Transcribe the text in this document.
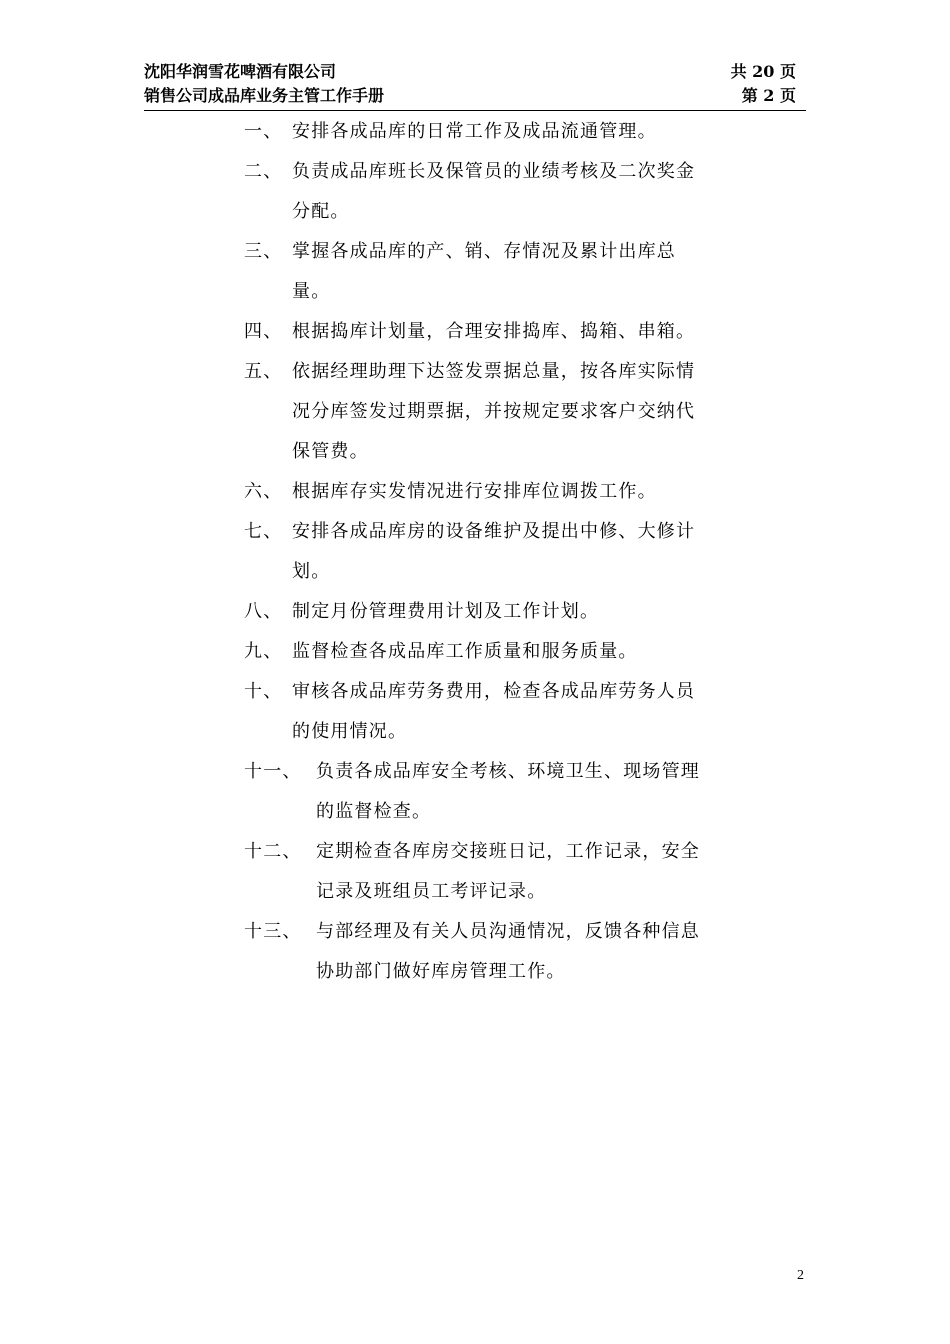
沈阳华润雪花啤酒有限公司	共 20 页
销售公司成品库业务主管工作手册	第 2 页
一、 安排各成品库的日常工作及成品流通管理。
二、 负责成品库班长及保管员的业绩考核及二次奖金
分配。
三、 掌握各成品库的产、销、存情况及累计出库总
量。
四、 根据捣库计划量，合理安排捣库、捣箱、串箱。
五、 依据经理助理下达签发票据总量，按各库实际情
况分库签发过期票据，并按规定要求客户交纳代
保管费。
六、 根据库存实发情况进行安排库位调拨工作。
七、 安排各成品库房的设备维护及提出中修、大修计
划。
八、 制定月份管理费用计划及工作计划。
九、 监督检查各成品库工作质量和服务质量。
十、 审核各成品库劳务费用，检查各成品库劳务人员
的使用情况。
十一、 负责各成品库安全考核、环境卫生、现场管理
的监督检查。
十二、 定期检查各库房交接班日记，工作记录，安全
记录及班组员工考评记录。
十三、 与部经理及有关人员沟通情况，反馈各种信息
协助部门做好库房管理工作。
2
